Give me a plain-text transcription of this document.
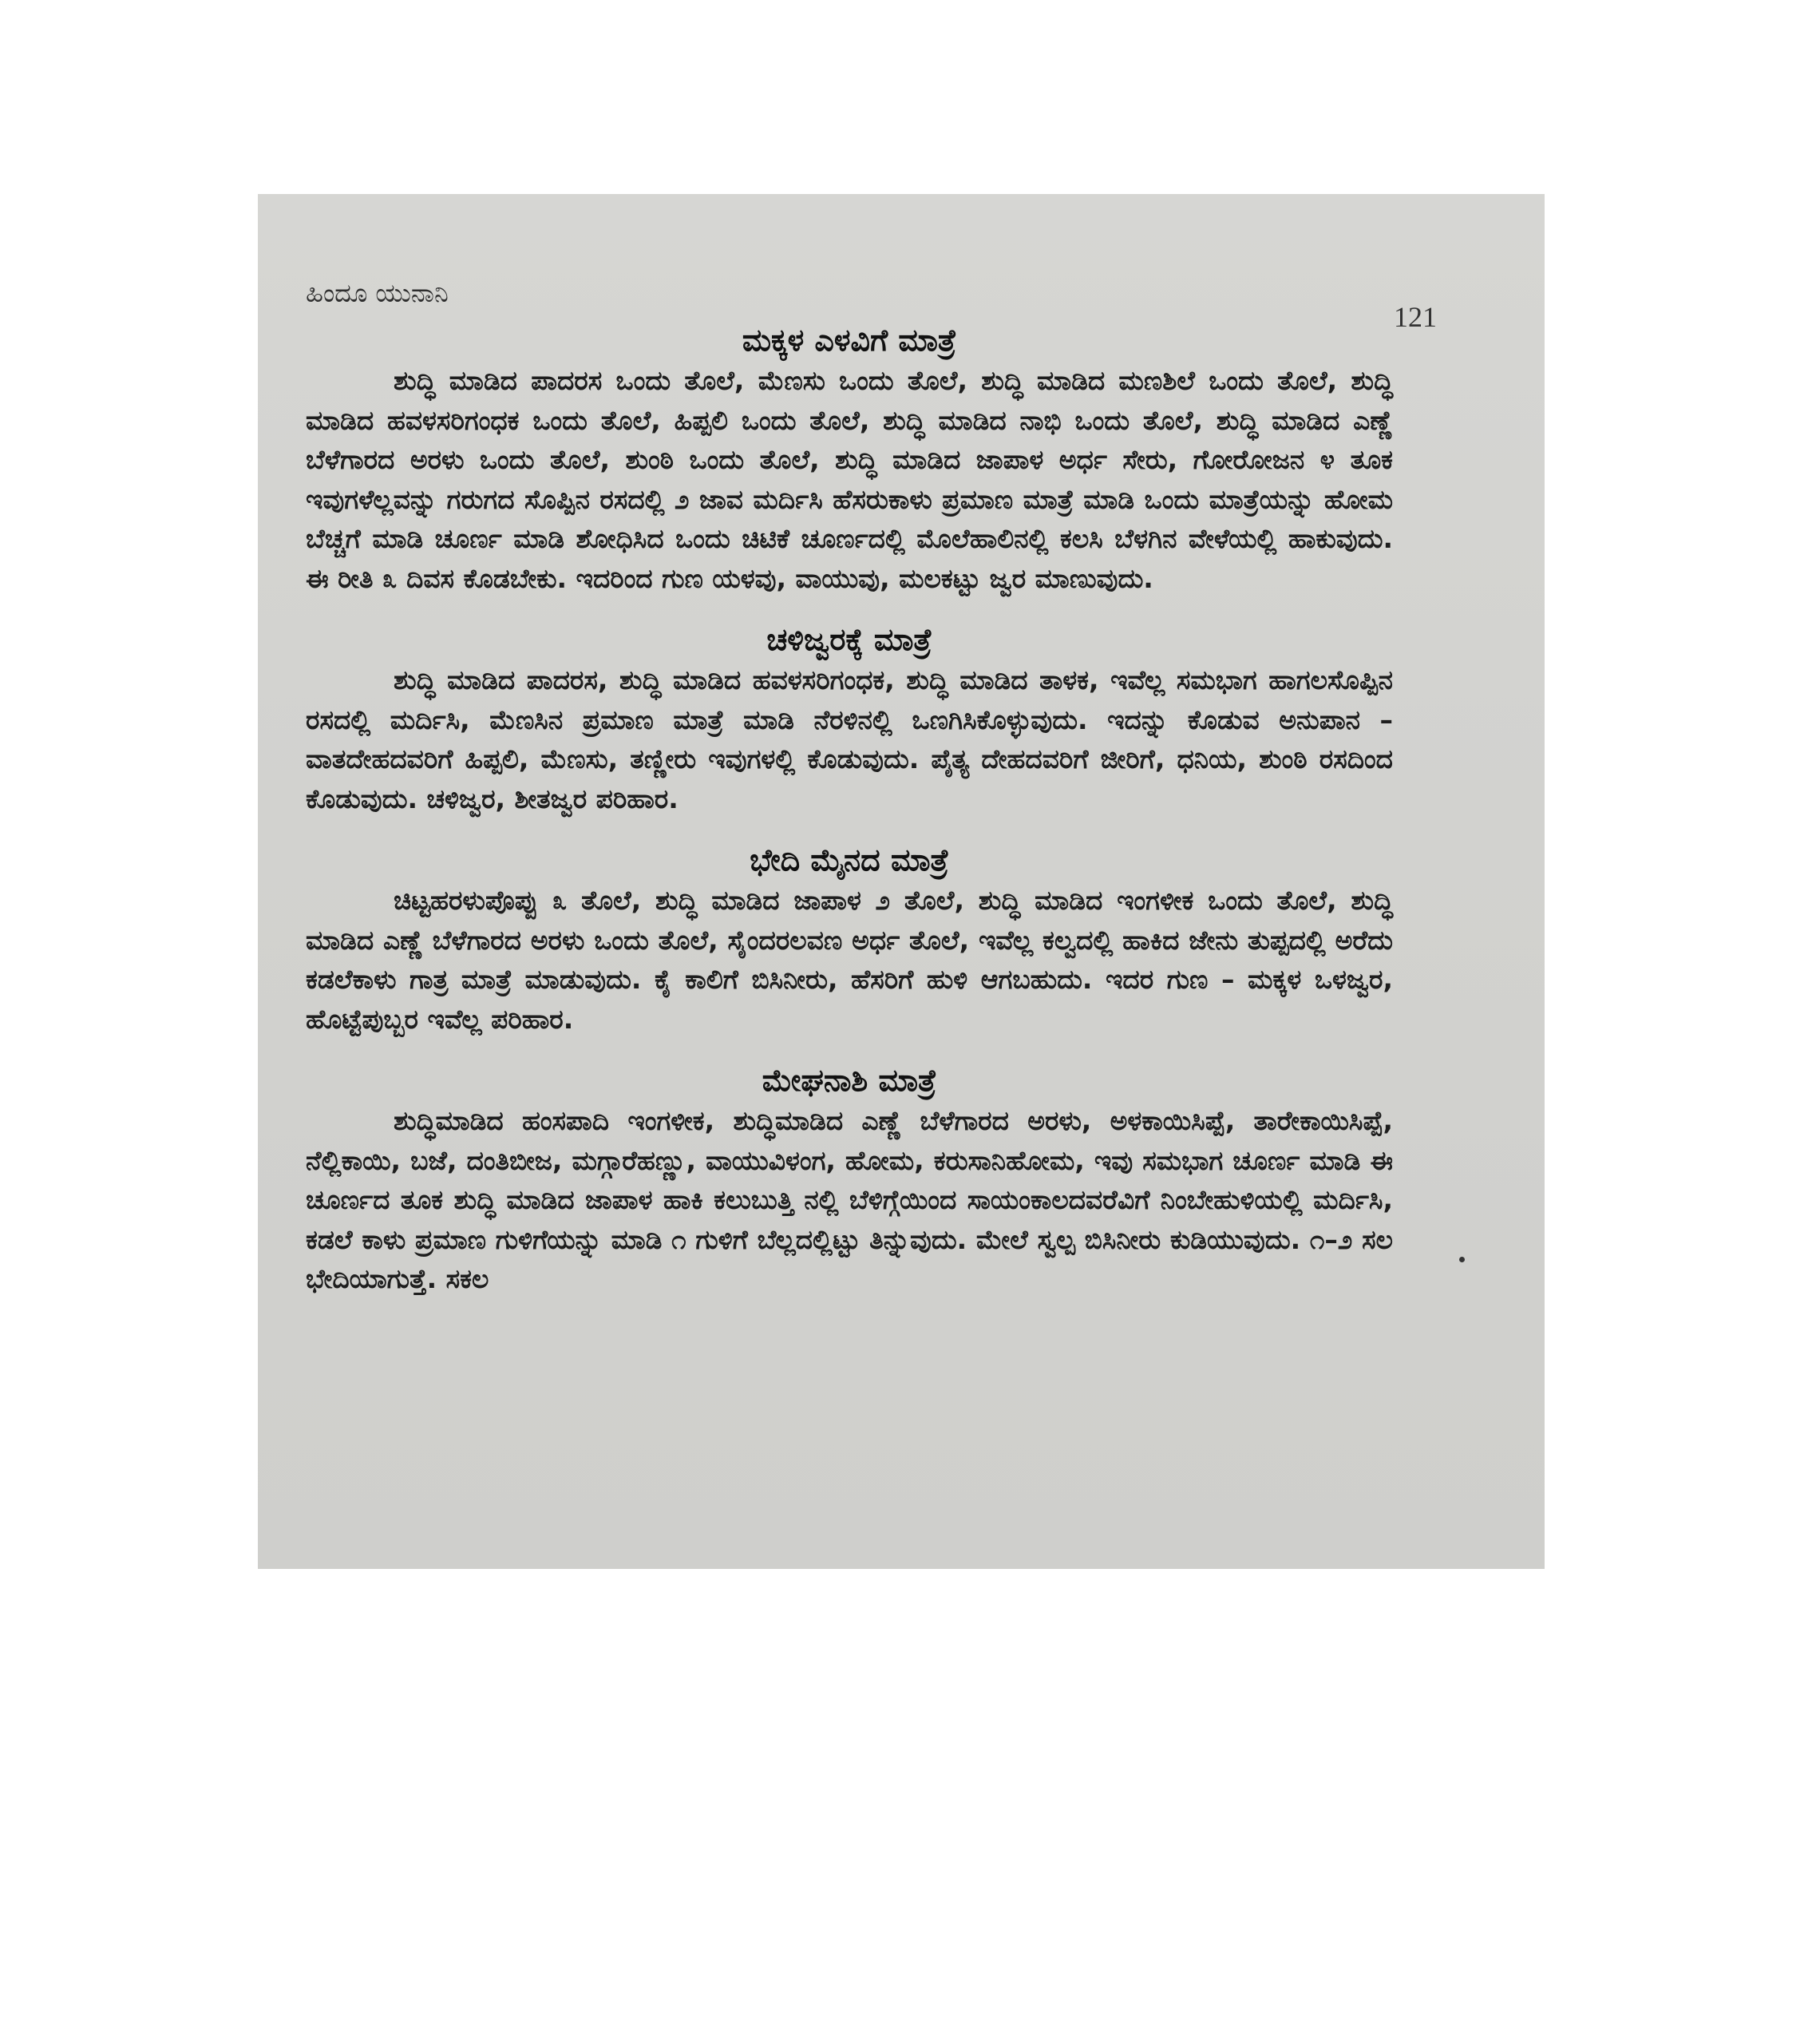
ಹಿಂದೂ ಯುನಾನಿ
121
ಮಕ್ಕಳ ಎಳವಿಗೆ ಮಾತ್ರೆ

ಶುದ್ಧಿ ಮಾಡಿದ ಪಾದರಸ ಒಂದು ತೊಲೆ, ಮೆಣಸು ಒಂದು ತೊಲೆ, ಶುದ್ಧಿ ಮಾಡಿದ ಮಣಶಿಲೆ ಒಂದು ತೊಲೆ, ಶುದ್ಧಿ ಮಾಡಿದ ಹವಳಸರಿಗಂಧಕ ಒಂದು ತೊಲೆ, ಹಿಪ್ಪಲಿ ಒಂದು ತೊಲೆ, ಶುದ್ಧಿ ಮಾಡಿದ ನಾಭಿ ಒಂದು ತೊಲೆ, ಶುದ್ಧಿ ಮಾಡಿದ ಎಣ್ಣೆ ಬೆಳೆಗಾರದ ಅರಳು ಒಂದು ತೊಲೆ, ಶುಂಠಿ ಒಂದು ತೊಲೆ, ಶುದ್ಧಿ ಮಾಡಿದ ಜಾಪಾಳ ಅರ್ಧ ಸೇರು, ಗೋರೋಜನ ೪ ತೂಕ ಇವುಗಳೆಲ್ಲವನ್ನು ಗರುಗದ ಸೊಪ್ಪಿನ ರಸದಲ್ಲಿ ೨ ಜಾವ ಮರ್ದಿಸಿ ಹೆಸರುಕಾಳು ಪ್ರಮಾಣ ಮಾತ್ರೆ ಮಾಡಿ ಒಂದು ಮಾತ್ರೆಯನ್ನು ಹೋಮ ಬೆಚ್ಚಗೆ ಮಾಡಿ ಚೂರ್ಣ ಮಾಡಿ ಶೋಧಿಸಿದ ಒಂದು ಚಿಟಿಕೆ ಚೂರ್ಣದಲ್ಲಿ ಮೊಲೆಹಾಲಿನಲ್ಲಿ ಕಲಸಿ ಬೆಳಗಿನ ವೇಳೆಯಲ್ಲಿ ಹಾಕುವುದು. ಈ ರೀತಿ ೩ ದಿವಸ ಕೊಡಬೇಕು. ಇದರಿಂದ ಗುಣ ಯಳವು, ವಾಯುವು, ಮಲಕಟ್ಟು ಜ್ವರ ಮಾಣುವುದು.

ಚಳಿಜ್ವರಕ್ಕೆ ಮಾತ್ರೆ

ಶುದ್ಧಿ ಮಾಡಿದ ಪಾದರಸ, ಶುದ್ಧಿ ಮಾಡಿದ ಹವಳಸರಿಗಂಧಕ, ಶುದ್ಧಿ ಮಾಡಿದ ತಾಳಕ, ಇವೆಲ್ಲ ಸಮಭಾಗ ಹಾಗಲಸೊಪ್ಪಿನ ರಸದಲ್ಲಿ ಮರ್ದಿಸಿ, ಮೆಣಸಿನ ಪ್ರಮಾಣ ಮಾತ್ರೆ ಮಾಡಿ ನೆರಳಿನಲ್ಲಿ ಒಣಗಿಸಿಕೊಳ್ಳುವುದು. ಇದನ್ನು ಕೊಡುವ ಅನುಪಾನ – ವಾತದೇಹದವರಿಗೆ ಹಿಪ್ಪಲಿ, ಮೆಣಸು, ತಣ್ಣೀರು ಇವುಗಳಲ್ಲಿ ಕೊಡುವುದು. ಪೈತ್ಯ ದೇಹದವರಿಗೆ ಜೀರಿಗೆ, ಧನಿಯ, ಶುಂಠಿ ರಸದಿಂದ ಕೊಡುವುದು. ಚಳಿಜ್ವರ, ಶೀತಜ್ವರ ಪರಿಹಾರ.

ಭೇದಿ ಮೈನದ ಮಾತ್ರೆ

ಚಿಟ್ಟಹರಳುಪೊಪ್ಪು ೩ ತೊಲೆ, ಶುದ್ಧಿ ಮಾಡಿದ ಜಾಪಾಳ ೨ ತೊಲೆ, ಶುದ್ಧಿ ಮಾಡಿದ ಇಂಗಳೀಕ ಒಂದು ತೊಲೆ, ಶುದ್ಧಿ ಮಾಡಿದ ಎಣ್ಣೆ ಬೆಳೆಗಾರದ ಅರಳು ಒಂದು ತೊಲೆ, ಸೈಂದರಲವಣ ಅರ್ಧ ತೊಲೆ, ಇವೆಲ್ಲ ಕಲ್ವದಲ್ಲಿ ಹಾಕಿದ ಜೇನು ತುಪ್ಪದಲ್ಲಿ ಅರೆದು ಕಡಲೆಕಾಳು ಗಾತ್ರ ಮಾತ್ರೆ ಮಾಡುವುದು. ಕೈ ಕಾಲಿಗೆ ಬಿಸಿನೀರು, ಹೆಸರಿಗೆ ಹುಳಿ ಆಗಬಹುದು. ಇದರ ಗುಣ – ಮಕ್ಕಳ ಒಳಜ್ವರ, ಹೊಟ್ಟೆಪುಬ್ಬರ ಇವೆಲ್ಲ ಪರಿಹಾರ.

ಮೇಘನಾಶಿ ಮಾತ್ರೆ

ಶುದ್ಧಿಮಾಡಿದ ಹಂಸಪಾದಿ ಇಂಗಳೀಕ, ಶುದ್ಧಿಮಾಡಿದ ಎಣ್ಣೆ ಬೆಳೆಗಾರದ ಅರಳು, ಅಳಕಾಯಿಸಿಪ್ಪೆ, ತಾರೇಕಾಯಿಸಿಪ್ಪೆ, ನೆಲ್ಲಿಕಾಯಿ, ಬಜೆ, ದಂತಿಬೀಜ, ಮಗ್ಗಾರೆಹಣ್ಣು, ವಾಯುವಿಳಂಗ, ಹೋಮ, ಕರುಸಾನಿಹೋಮ, ಇವು ಸಮಭಾಗ ಚೂರ್ಣ ಮಾಡಿ ಈ ಚೂರ್ಣದ ತೂಕ ಶುದ್ಧಿ ಮಾಡಿದ ಜಾಪಾಳ ಹಾಕಿ ಕಲುಬುತ್ತಿ ನಲ್ಲಿ ಬೆಳಿಗ್ಗೆಯಿಂದ ಸಾಯಂಕಾಲದವರೆವಿಗೆ ನಿಂಬೇಹುಳಿಯಲ್ಲಿ ಮರ್ದಿಸಿ, ಕಡಲೆ ಕಾಳು ಪ್ರಮಾಣ ಗುಳಿಗೆಯನ್ನು ಮಾಡಿ ೧ ಗುಳಿಗೆ ಬೆಲ್ಲದಲ್ಲಿಟ್ಟು ತಿನ್ನುವುದು. ಮೇಲೆ ಸ್ವಲ್ಪ ಬಿಸಿನೀರು ಕುಡಿಯುವುದು. ೧–೨ ಸಲ ಭೇದಿಯಾಗುತ್ತೆ. ಸಕಲ
